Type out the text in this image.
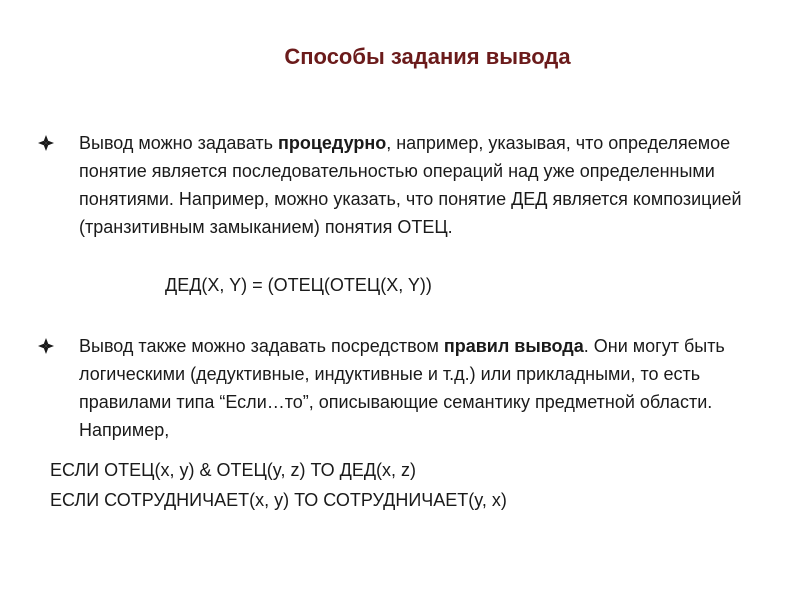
Способы задания вывода
Вывод можно задавать процедурно, например, указывая, что определяемое понятие является последовательностью операций над уже определенными понятиями. Например, можно указать, что понятие ДЕД является композицией (транзитивным замыканием) понятия ОТЕЦ.
ДЕД(X, Y) = (ОТЕЦ(ОТЕЦ(X, Y))
Вывод также можно задавать посредством правил вывода. Они могут быть логическими (дедуктивные, индуктивные и т.д.) или прикладными, то есть правилами типа “Если…то”, описывающие семантику предметной области. Например,
ЕСЛИ ОТЕЦ(x, y) & ОТЕЦ(y, z) ТО ДЕД(x, z)
ЕСЛИ СОТРУДНИЧАЕТ(x, y) ТО СОТРУДНИЧАЕТ(y, x)
